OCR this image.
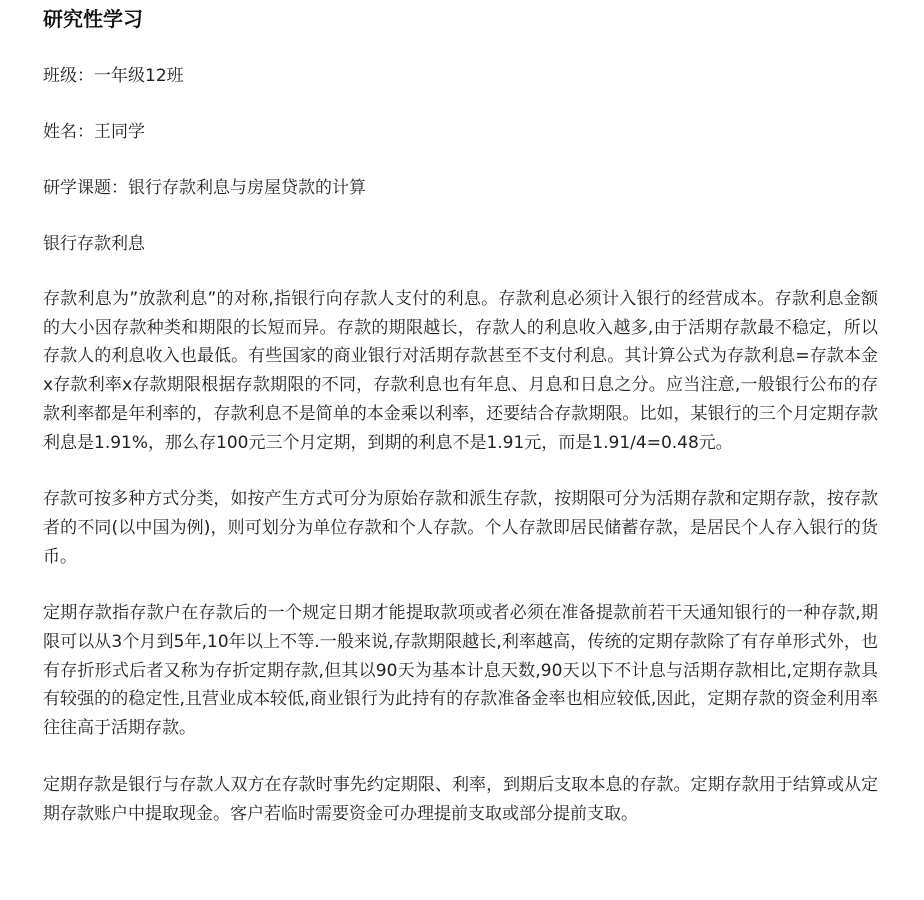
研究性学习

班级：一年级12班

姓名：王同学

研学课题：银行存款利息与房屋贷款的计算

银行存款利息

存款利息为”放款利息”的对称,指银行向存款人支付的利息。存款利息必须计入银行的经营成本。存款利息金额的大小因存款种类和期限的长短而异。存款的期限越长，存款人的利息收入越多,由于活期存款最不稳定，所以存款人的利息收入也最低。有些国家的商业银行对活期存款甚至不支付利息。其计算公式为存款利息=存款本金x存款利率x存款期限根据存款期限的不同，存款利息也有年息、月息和日息之分。应当注意,一般银行公布的存款利率都是年利率的，存款利息不是简单的本金乘以利率，还要结合存款期限。比如，某银行的三个月定期存款利息是1.91%，那么存100元三个月定期，到期的利息不是1.91元，而是1.91/4=0.48元。

存款可按多种方式分类，如按产生方式可分为原始存款和派生存款，按期限可分为活期存款和定期存款，按存款者的不同(以中国为例)，则可划分为单位存款和个人存款。个人存款即居民储蓄存款，是居民个人存入银行的货币。

定期存款指存款户在存款后的一个规定日期才能提取款项或者必须在准备提款前若干天通知银行的一种存款,期限可以从3个月到5年,10年以上不等.一般来说,存款期限越长,利率越高，传统的定期存款除了有存单形式外，也有存折形式后者又称为存折定期存款,但其以90天为基本计息天数,90天以下不计息与活期存款相比,定期存款具有较强的的稳定性,且营业成本较低,商业银行为此持有的存款准备金率也相应较低,因此，定期存款的资金利用率往往高于活期存款。

定期存款是银行与存款人双方在存款时事先约定期限、利率，到期后支取本息的存款。定期存款用于结算或从定期存款账户中提取现金。客户若临时需要资金可办理提前支取或部分提前支取。
